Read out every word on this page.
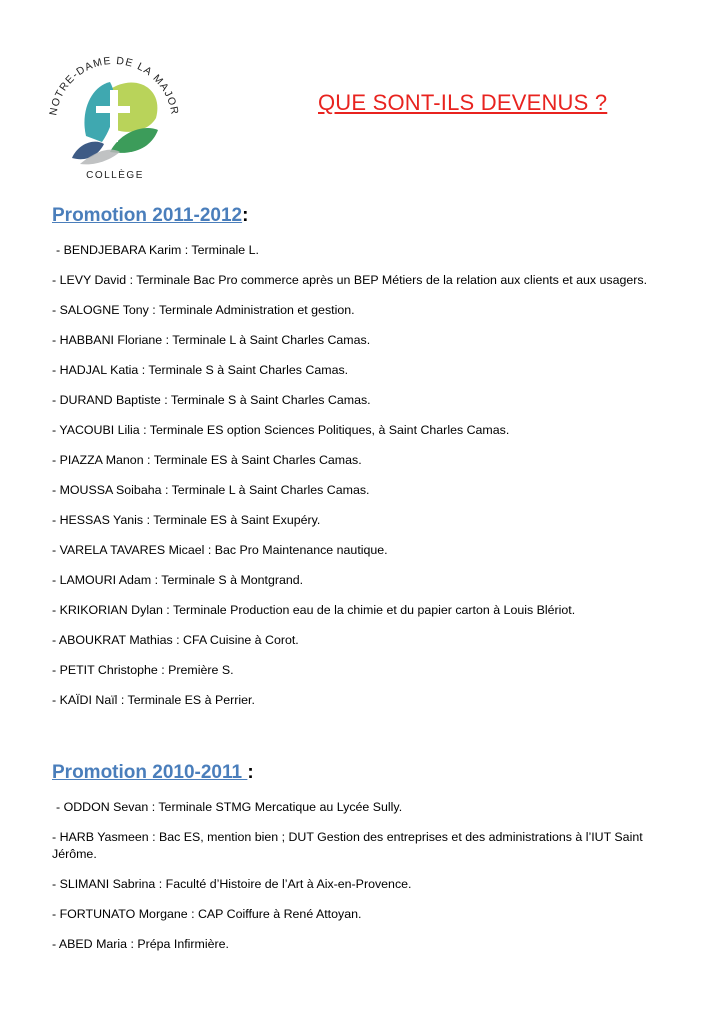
NOTRE-DAME DE LA MAJOR
COLLÈGE
QUE SONT-ILS DEVENUS ?
Promotion 2011-2012:
- BENDJEBARA Karim : Terminale L.
- LEVY David : Terminale Bac Pro commerce après un BEP Métiers de la relation aux clients et aux usagers.
- SALOGNE Tony : Terminale Administration et gestion.
- HABBANI Floriane : Terminale L à Saint Charles Camas.
- HADJAL Katia : Terminale S à Saint Charles Camas.
- DURAND Baptiste : Terminale S à Saint Charles Camas.
- YACOUBI Lilia : Terminale ES option Sciences Politiques, à Saint Charles Camas.
- PIAZZA Manon : Terminale ES à Saint Charles Camas.
- MOUSSA Soibaha : Terminale L à Saint Charles Camas.
- HESSAS Yanis : Terminale ES à Saint Exupéry.
- VARELA TAVARES Micael : Bac Pro Maintenance nautique.
- LAMOURI Adam : Terminale S à Montgrand.
- KRIKORIAN Dylan : Terminale Production eau de la chimie et du papier carton à Louis Blériot.
- ABOUKRAT Mathias : CFA Cuisine à Corot.
- PETIT Christophe : Première S.
- KAÏDI Naïl : Terminale ES à Perrier.
Promotion 2010-2011 :
- ODDON Sevan : Terminale STMG Mercatique au Lycée Sully.
- HARB Yasmeen : Bac ES, mention bien ; DUT Gestion des entreprises et des administrations à l’IUT Saint Jérôme.
- SLIMANI Sabrina : Faculté d’Histoire de l’Art à Aix-en-Provence.
- FORTUNATO Morgane : CAP Coiffure à René Attoyan.
- ABED Maria : Prépa Infirmière.
